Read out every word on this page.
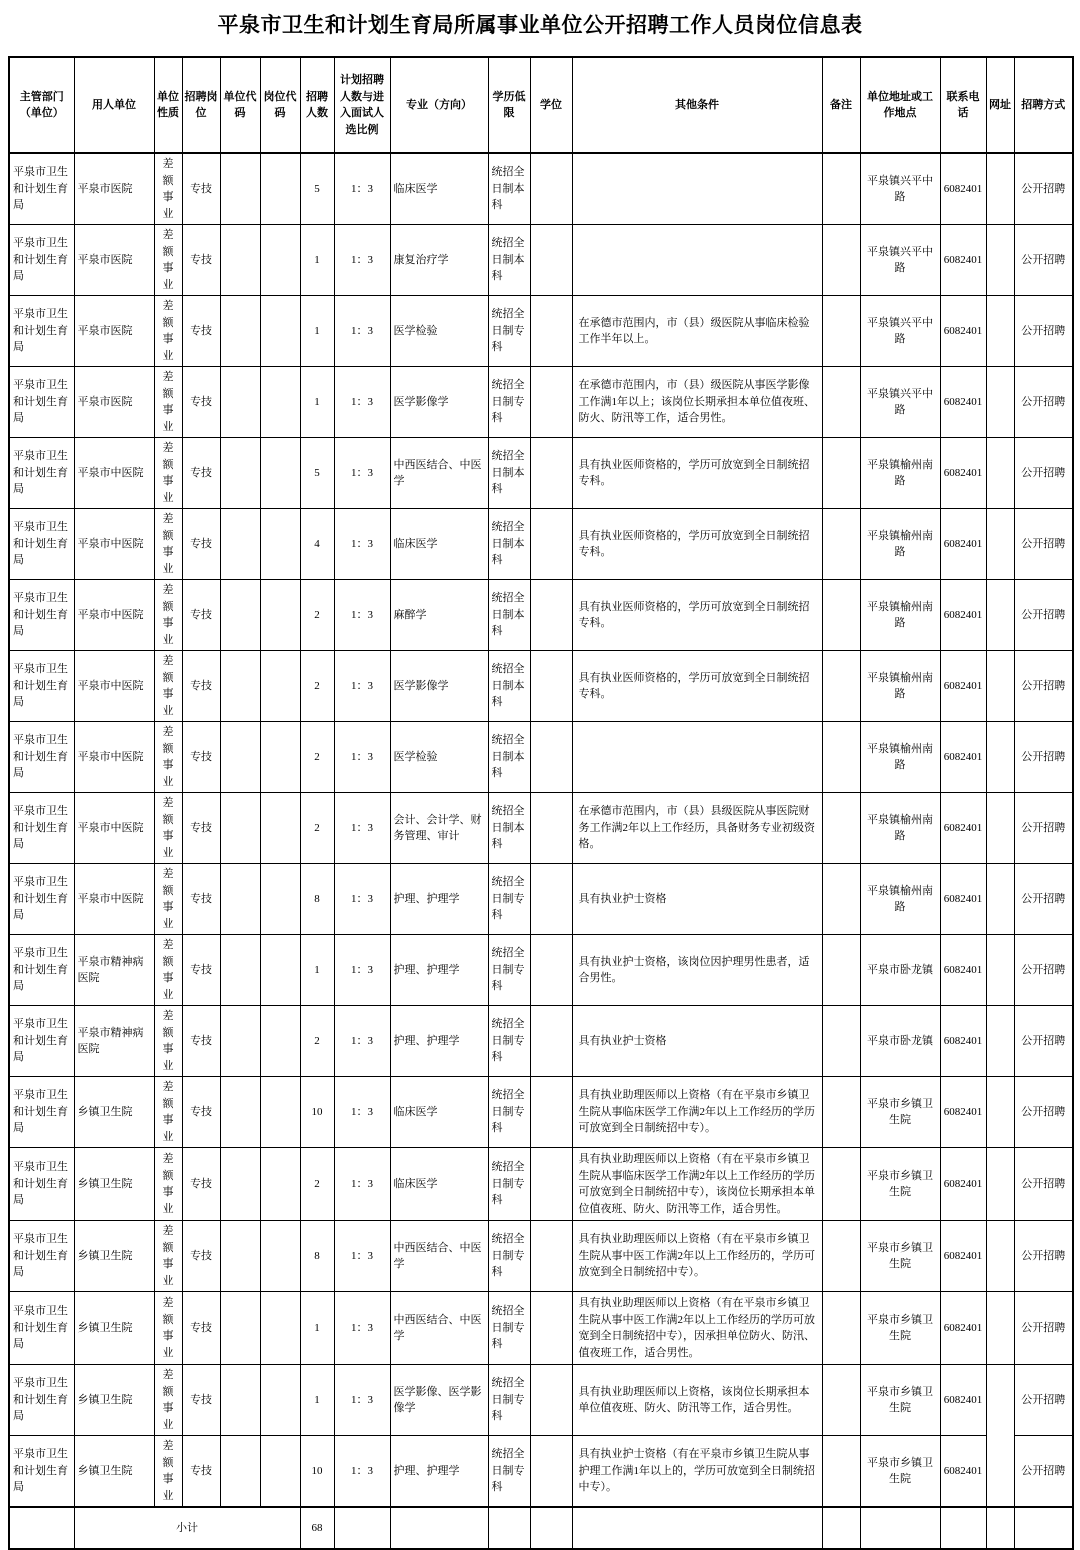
平泉市卫生和计划生育局所属事业单位公开招聘工作人员岗位信息表
主管部门（单位）	用人单位	单位性质	招聘岗位	单位代码	岗位代码	招聘人数	计划招聘人数与进入面试人选比例	专业（方向）	学历低限	学位	其他条件	备注	单位地址或工作地点	联系电话	网址	招聘方式
平泉市卫生和计划生育局	平泉市医院	差额事业	专技			5	1：3	临床医学	统招全日制本科				平泉镇兴平中路	6082401		公开招聘
平泉市卫生和计划生育局	平泉市医院	差额事业	专技			1	1：3	康复治疗学	统招全日制本科				平泉镇兴平中路	6082401		公开招聘
平泉市卫生和计划生育局	平泉市医院	差额事业	专技			1	1：3	医学检验	统招全日制专科		在承德市范围内，市（县）级医院从事临床检验工作半年以上。		平泉镇兴平中路	6082401		公开招聘
平泉市卫生和计划生育局	平泉市医院	差额事业	专技			1	1：3	医学影像学	统招全日制专科		在承德市范围内，市（县）级医院从事医学影像工作满1年以上；该岗位长期承担本单位值夜班、防火、防汛等工作，适合男性。		平泉镇兴平中路	6082401		公开招聘
平泉市卫生和计划生育局	平泉市中医院	差额事业	专技			5	1：3	中西医结合、中医学	统招全日制本科		具有执业医师资格的，学历可放宽到全日制统招专科。		平泉镇榆州南路	6082401		公开招聘
平泉市卫生和计划生育局	平泉市中医院	差额事业	专技			4	1：3	临床医学	统招全日制本科		具有执业医师资格的，学历可放宽到全日制统招专科。		平泉镇榆州南路	6082401		公开招聘
平泉市卫生和计划生育局	平泉市中医院	差额事业	专技			2	1：3	麻醉学	统招全日制本科		具有执业医师资格的，学历可放宽到全日制统招专科。		平泉镇榆州南路	6082401		公开招聘
平泉市卫生和计划生育局	平泉市中医院	差额事业	专技			2	1：3	医学影像学	统招全日制本科		具有执业医师资格的，学历可放宽到全日制统招专科。		平泉镇榆州南路	6082401		公开招聘
平泉市卫生和计划生育局	平泉市中医院	差额事业	专技			2	1：3	医学检验	统招全日制本科				平泉镇榆州南路	6082401		公开招聘
平泉市卫生和计划生育局	平泉市中医院	差额事业	专技			2	1：3	会计、会计学、财务管理、审计	统招全日制本科		在承德市范围内，市（县）县级医院从事医院财务工作满2年以上工作经历，具备财务专业初级资格。		平泉镇榆州南路	6082401		公开招聘
平泉市卫生和计划生育局	平泉市中医院	差额事业	专技			8	1：3	护理、护理学	统招全日制专科		具有执业护士资格		平泉镇榆州南路	6082401		公开招聘
平泉市卫生和计划生育局	平泉市精神病医院	差额事业	专技			1	1：3	护理、护理学	统招全日制专科		具有执业护士资格，该岗位因护理男性患者，适合男性。		平泉市卧龙镇	6082401		公开招聘
平泉市卫生和计划生育局	平泉市精神病医院	差额事业	专技			2	1：3	护理、护理学	统招全日制专科		具有执业护士资格		平泉市卧龙镇	6082401		公开招聘
平泉市卫生和计划生育局	乡镇卫生院	差额事业	专技			10	1：3	临床医学	统招全日制专科		具有执业助理医师以上资格（有在平泉市乡镇卫生院从事临床医学工作满2年以上工作经历的学历可放宽到全日制统招中专）。		平泉市乡镇卫生院	6082401		公开招聘
平泉市卫生和计划生育局	乡镇卫生院	差额事业	专技			2	1：3	临床医学	统招全日制专科		具有执业助理医师以上资格（有在平泉市乡镇卫生院从事临床医学工作满2年以上工作经历的学历可放宽到全日制统招中专），该岗位长期承担本单位值夜班、防火、防汛等工作，适合男性。		平泉市乡镇卫生院	6082401		公开招聘
平泉市卫生和计划生育局	乡镇卫生院	差额事业	专技			8	1：3	中西医结合、中医学	统招全日制专科		具有执业助理医师以上资格（有在平泉市乡镇卫生院从事中医工作满2年以上工作经历的，学历可放宽到全日制统招中专）。		平泉市乡镇卫生院	6082401		公开招聘
平泉市卫生和计划生育局	乡镇卫生院	差额事业	专技			1	1：3	中西医结合、中医学	统招全日制专科		具有执业助理医师以上资格（有在平泉市乡镇卫生院从事中医工作满2年以上工作经历的学历可放宽到全日制统招中专），因承担单位防火、防汛、值夜班工作，适合男性。		平泉市乡镇卫生院	6082401		公开招聘
平泉市卫生和计划生育局	乡镇卫生院	差额事业	专技			1	1：3	医学影像、医学影像学	统招全日制专科		具有执业助理医师以上资格，该岗位长期承担本单位值夜班、防火、防汛等工作，适合男性。		平泉市乡镇卫生院	6082401		公开招聘
平泉市卫生和计划生育局	乡镇卫生院	差额事业	专技			10	1：3	护理、护理学	统招全日制专科		具有执业护士资格（有在平泉市乡镇卫生院从事护理工作满1年以上的，学历可放宽到全日制统招中专）。		平泉市乡镇卫生院	6082401		公开招聘
	小计					68										
